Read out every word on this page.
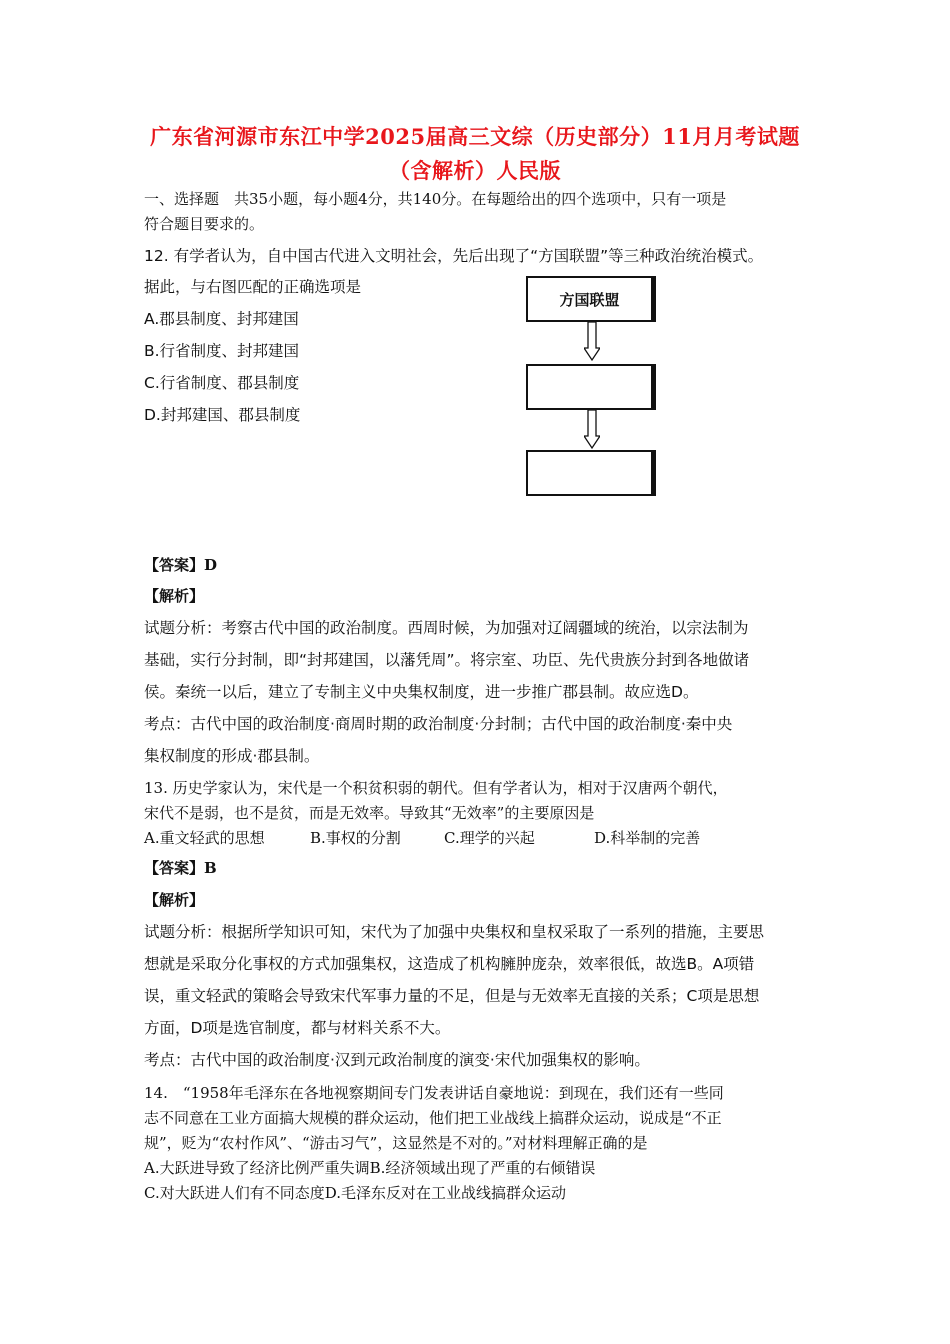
广东省河源市东江中学2025届高三文综（历史部分）11月月考试题
（含解析）人民版
一、选择题　共35小题，每小题4分，共140分。在每题给出的四个选项中，只有一项是
符合题目要求的。
12. 有学者认为，自中国古代进入文明社会，先后出现了“方国联盟”等三种政治统治模式。
据此，与右图匹配的正确选项是
A.郡县制度、封邦建国
B.行省制度、封邦建国
C.行省制度、郡县制度
D.封邦建国、郡县制度
方国联盟
【答案】D
【解析】
试题分析：考察古代中国的政治制度。西周时候，为加强对辽阔疆域的统治，以宗法制为
基础，实行分封制，即“封邦建国，以藩凭周”。将宗室、功臣、先代贵族分封到各地做诸
侯。秦统一以后，建立了专制主义中央集权制度，进一步推广郡县制。故应选D。
考点：古代中国的政治制度·商周时期的政治制度·分封制；古代中国的政治制度·秦中央
集权制度的形成·郡县制。
13. 历史学家认为，宋代是一个积贫积弱的朝代。但有学者认为，相对于汉唐两个朝代，
宋代不是弱，也不是贫，而是无效率。导致其“无效率”的主要原因是
A.重文轻武的思想	B.事权的分割	C.理学的兴起	D.科举制的完善
【答案】B
【解析】
试题分析：根据所学知识可知，宋代为了加强中央集权和皇权采取了一系列的措施，主要思
想就是采取分化事权的方式加强集权，这造成了机构臃肿庞杂，效率很低，故选B。A项错
误，重文轻武的策略会导致宋代军事力量的不足，但是与无效率无直接的关系；C项是思想
方面，D项是选官制度，都与材料关系不大。
考点：古代中国的政治制度·汉到元政治制度的演变·宋代加强集权的影响。
14.　“1958年毛泽东在各地视察期间专门发表讲话自豪地说：到现在，我们还有一些同
志不同意在工业方面搞大规模的群众运动，他们把工业战线上搞群众运动，说成是“不正
规”，贬为“农村作风”、“游击习气”，这显然是不对的。”对材料理解正确的是
A.大跃进导致了经济比例严重失调B.经济领域出现了严重的右倾错误
C.对大跃进人们有不同态度D.毛泽东反对在工业战线搞群众运动
